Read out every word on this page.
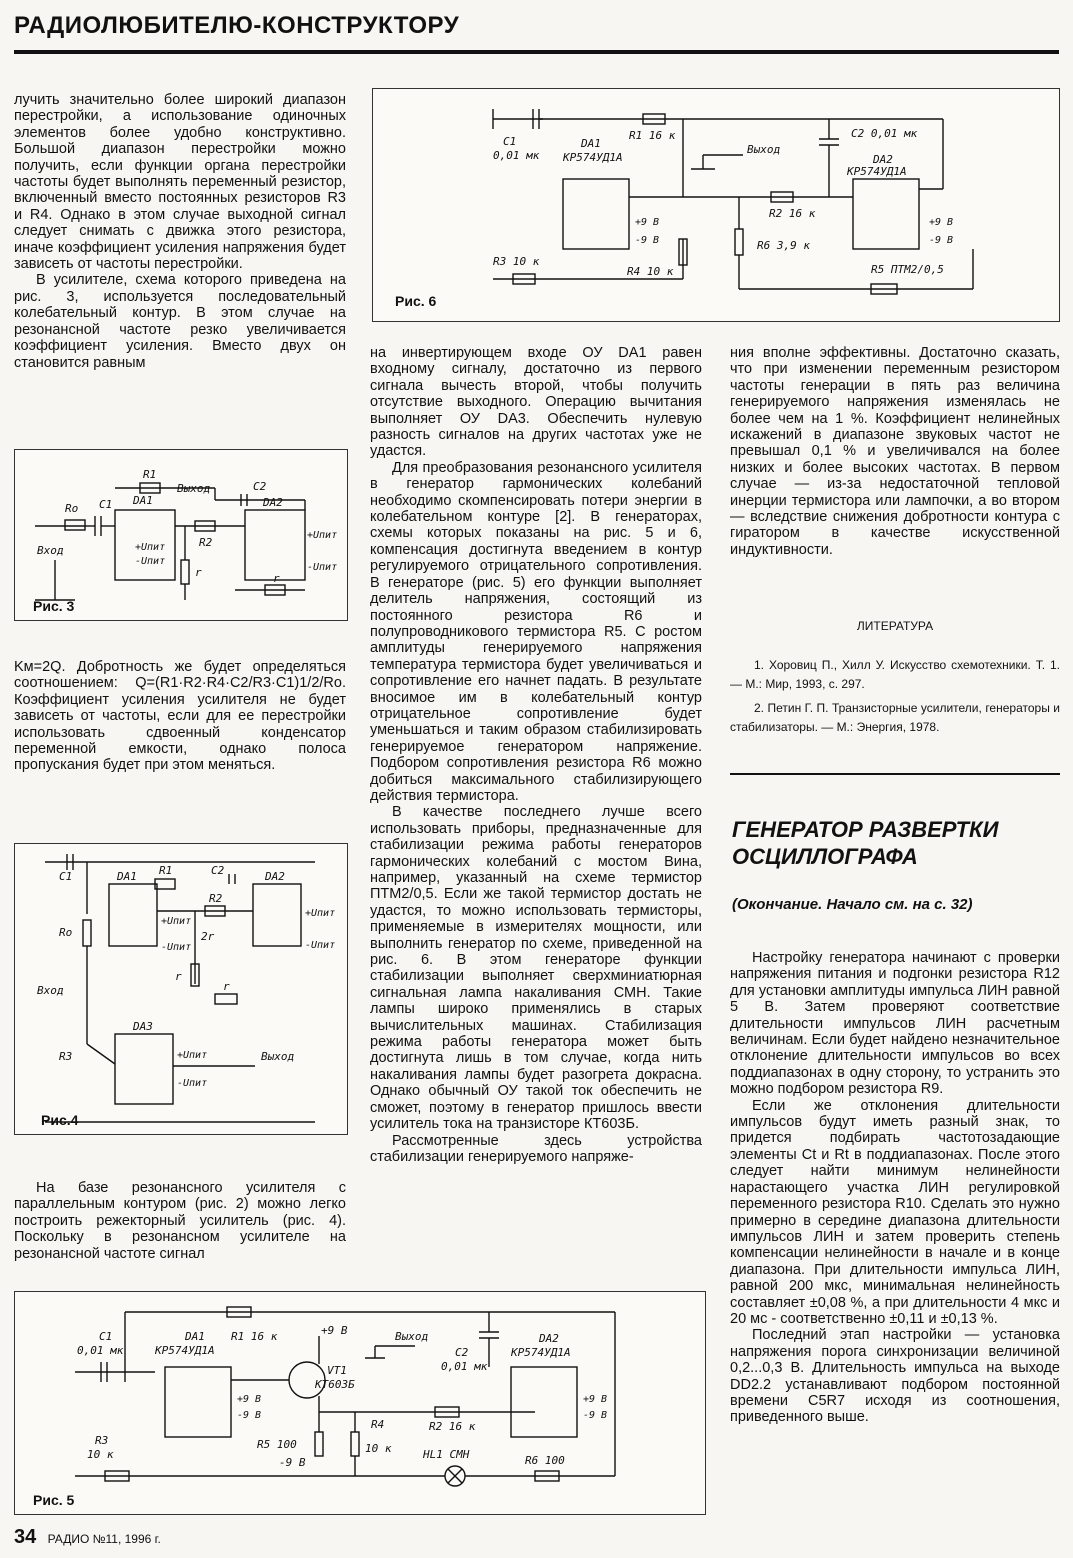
РАДИОЛЮБИТЕЛЮ-КОНСТРУКТОРУ

лучить значительно более широкий диапазон перестройки, а использование одиночных элементов более удобно конструктивно. Большой диапазон перестройки можно получить, если функции органа перестройки частоты будет выполнять переменный резистор, включенный вместо постоянных резисторов R3 и R4. Однако в этом случае выходной сигнал следует снимать с движка этого резистора, иначе коэффициент усиления напряжения будет зависеть от частоты перестройки.

В усилителе, схема которого приведена на рис. 3, используется последовательный колебательный контур. В этом случае на резонансной частоте резко увеличивается коэффициент усиления. Вместо двух он становится равным

Ro C1
R1
DA1
Выход	C2
DA2
R2
r	r
Вход	+Uпит
-Uпит
+Uпит
-Uпит
Рис. 3

Kм=2Q. Добротность же будет определяться соотношением: Q=(R1·R2·R4·C2/R3·C1)1/2/Ro. Коэффициент усиления усилителя не будет зависеть от частоты, если для ее перестройки использовать сдвоенный конденсатор переменной емкости, однако полоса пропускания будет при этом меняться.

C1	DA1 R1	C2	DA2
R2
2r
r
r
Ro
Вход
DA3
R3	Выход
+Uпит
-Uпит
+Uпит
-Uпит
+Uпит
-Uпит
Рис.4

На базе резонансного усилителя с параллельным контуром (рис. 2) можно легко построить режекторный усилитель (рис. 4). Поскольку в резонансном усилителе на резонансной частоте сигнал

C1
0,01 мк
DA1
КР574УД1А
R1 16 к
Выход
C2 0,01 мк
DA2
КР574УД1А
R2 16 к
R6 3,9 к
R3 10 к
R4 10 к	R5 ПТМ2/0,5
+9 В
-9 В
+9 В
-9 В
Рис. 6

на инвертирующем входе ОУ DA1 равен входному сигналу, достаточно из первого сигнала вычесть второй, чтобы получить отсутствие выходного. Операцию вычитания выполняет ОУ DA3. Обеспечить нулевую разность сигналов на других частотах уже не удастся.

Для преобразования резонансного усилителя в генератор гармонических колебаний необходимо скомпенсировать потери энергии в колебательном контуре [2]. В генераторах, схемы которых показаны на рис. 5 и 6, компенсация достигнута введением в контур регулируемого отрицательного сопротивления. В генераторе (рис. 5) его функции выполняет делитель напряжения, состоящий из постоянного резистора R6 и полупроводникового термистора R5. С ростом амплитуды генерируемого напряжения температура термистора будет увеличиваться и сопротивление его начнет падать. В результате вносимое им в колебательный контур отрицательное сопротивление будет уменьшаться и таким образом стабилизировать генерируемое генератором напряжение. Подбором сопротивления резистора R6 можно добиться максимального стабилизирующего действия термистора.

В качестве последнего лучше всего использовать приборы, предназначенные для стабилизации режима работы генераторов гармонических колебаний с мостом Вина, например, указанный на схеме термистор ПТМ2/0,5. Если же такой термистор достать не удастся, то можно использовать термисторы, применяемые в измерителях мощности, или выполнить генератор по схеме, приведенной на рис. 6. В этом генераторе функции стабилизации выполняет сверхминиатюрная сигнальная лампа накаливания СМН. Такие лампы широко применялись в старых вычислительных машинах. Стабилизация режима работы генератора может быть достигнута лишь в том случае, когда нить накаливания лампы будет разогрета докрасна. Однако обычный ОУ такой ток обеспечить не сможет, поэтому в генератор пришлось ввести усилитель тока на транзисторе КТ603Б.

Рассмотренные здесь устройства стабилизации генерируемого напряже-

ния вполне эффективны. Достаточно сказать, что при изменении переменным резистором частоты генерации в пять раз величина генерируемого напряжения изменялась не более чем на 1 %. Коэффициент нелинейных искажений в диапазоне звуковых частот не превышал 0,1 % и увеличивался на более низких и более высоких частотах. В первом случае — из-за недостаточной тепловой инерции термистора или лампочки, а во втором — вследствие снижения добротности контура с гиратором в качестве искусственной индуктивности.

ЛИТЕРАТУРА
1. Хоровиц П., Хилл У. Искусство схемотехники. Т. 1. — М.: Мир, 1993, с. 297.
2. Петин Г. П. Транзисторные усилители, генераторы и стабилизаторы. — М.: Энергия, 1978.
ГЕНЕРАТОР РАЗВЕРТКИ ОСЦИЛЛОГРАФА
(Окончание. Начало см. на с. 32)

Настройку генератора начинают с проверки напряжения питания и подгонки резистора R12 для установки амплитуды импульса ЛИН равной 5 В. Затем проверяют соответствие длительности импульсов ЛИН расчетным величинам. Если будет найдено незначительное отклонение длительности импульсов во всех поддиапазонах в одну сторону, то устранить это можно подбором резистора R9.

Если же отклонения длительности импульсов будут иметь разный знак, то придется подбирать частотозадающие элементы Ct и Rt в поддиапазонах. После этого следует найти минимум нелинейности нарастающего участка ЛИН регулировкой переменного резистора R10. Сделать это нужно примерно в середине диапазона длительности импульсов ЛИН и затем проверить степень компенсации нелинейности в начале и в конце диапазона. При длительности импульса ЛИН, равной 200 мкс, минимальная нелинейность составляет ±0,08 %, а при длительности 4 мкс и 20 мс - соответственно ±0,11 и ±0,13 %.

Последний этап настройки — установка напряжения порога синхронизации величиной 0,2...0,3 В. Длительность импульса на выходе DD2.2 устанавливают подбором постоянной времени C5R7 исходя из соотношения, приведенного выше.

C1
0,01 мк
DA1
КР574УД1А
R1 16 к	+9 В
VT1
КТ603Б
Выход
C2
0,01 мк
DA2
КР574УД1А
R2 16 к
R3
10 к
R5 100
-9 В
R4
10 к	HL1 СМН	R6 100
+9 В
-9 В
+9 В
-9 В
Рис. 5
34 РАДИО №11, 1996 г.
